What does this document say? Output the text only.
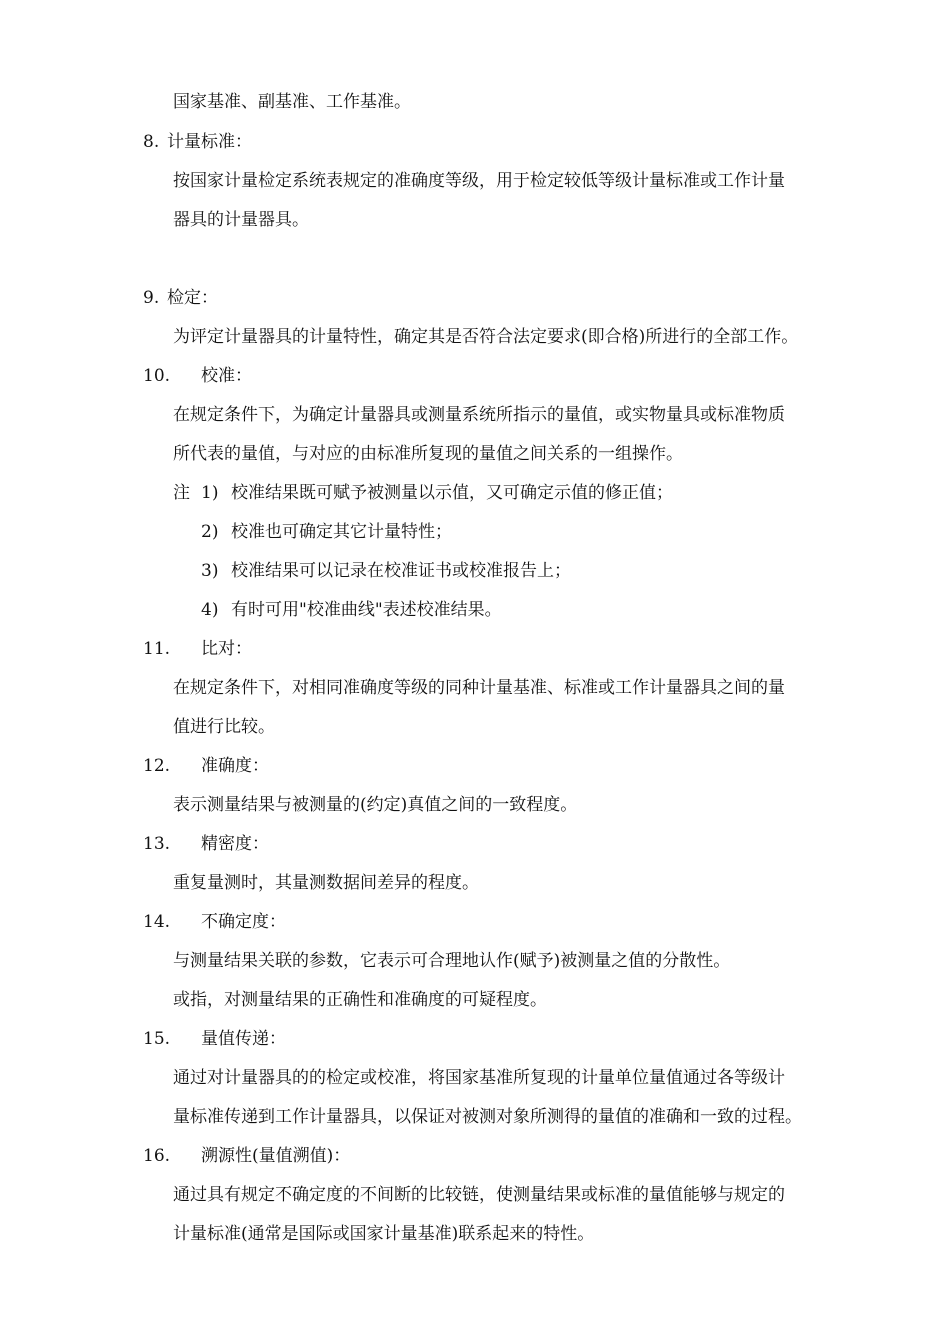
国家基准、副基准、工作基准。
8. 计量标准：
按国家计量检定系统表规定的准确度等级，用于检定较低等级计量标准或工作计量
器具的计量器具。
9. 检定：
为评定计量器具的计量特性，确定其是否符合法定要求(即合格)所进行的全部工作。
10. 校准：
在规定条件下，为确定计量器具或测量系统所指示的量值，或实物量具或标准物质
所代表的量值，与对应的由标准所复现的量值之间关系的一组操作。
注 1) 校准结果既可赋予被测量以示值，又可确定示值的修正值；
2) 校准也可确定其它计量特性；
3) 校准结果可以记录在校准证书或校准报告上；
4) 有时可用"校准曲线"表述校准结果。
11. 比对：
在规定条件下，对相同准确度等级的同种计量基准、标准或工作计量器具之间的量
值进行比较。
12. 准确度：
表示测量结果与被测量的(约定)真值之间的一致程度。
13. 精密度：
重复量测时，其量测数据间差异的程度。
14. 不确定度：
与测量结果关联的参数，它表示可合理地认作(赋予)被测量之值的分散性。
或指，对测量结果的正确性和准确度的可疑程度。
15. 量值传递：
通过对计量器具的的检定或校准，将国家基准所复现的计量单位量值通过各等级计
量标准传递到工作计量器具，以保证对被测对象所测得的量值的准确和一致的过程。
16. 溯源性(量值溯值)：
通过具有规定不确定度的不间断的比较链，使测量结果或标准的量值能够与规定的
计量标准(通常是国际或国家计量基准)联系起来的特性。
